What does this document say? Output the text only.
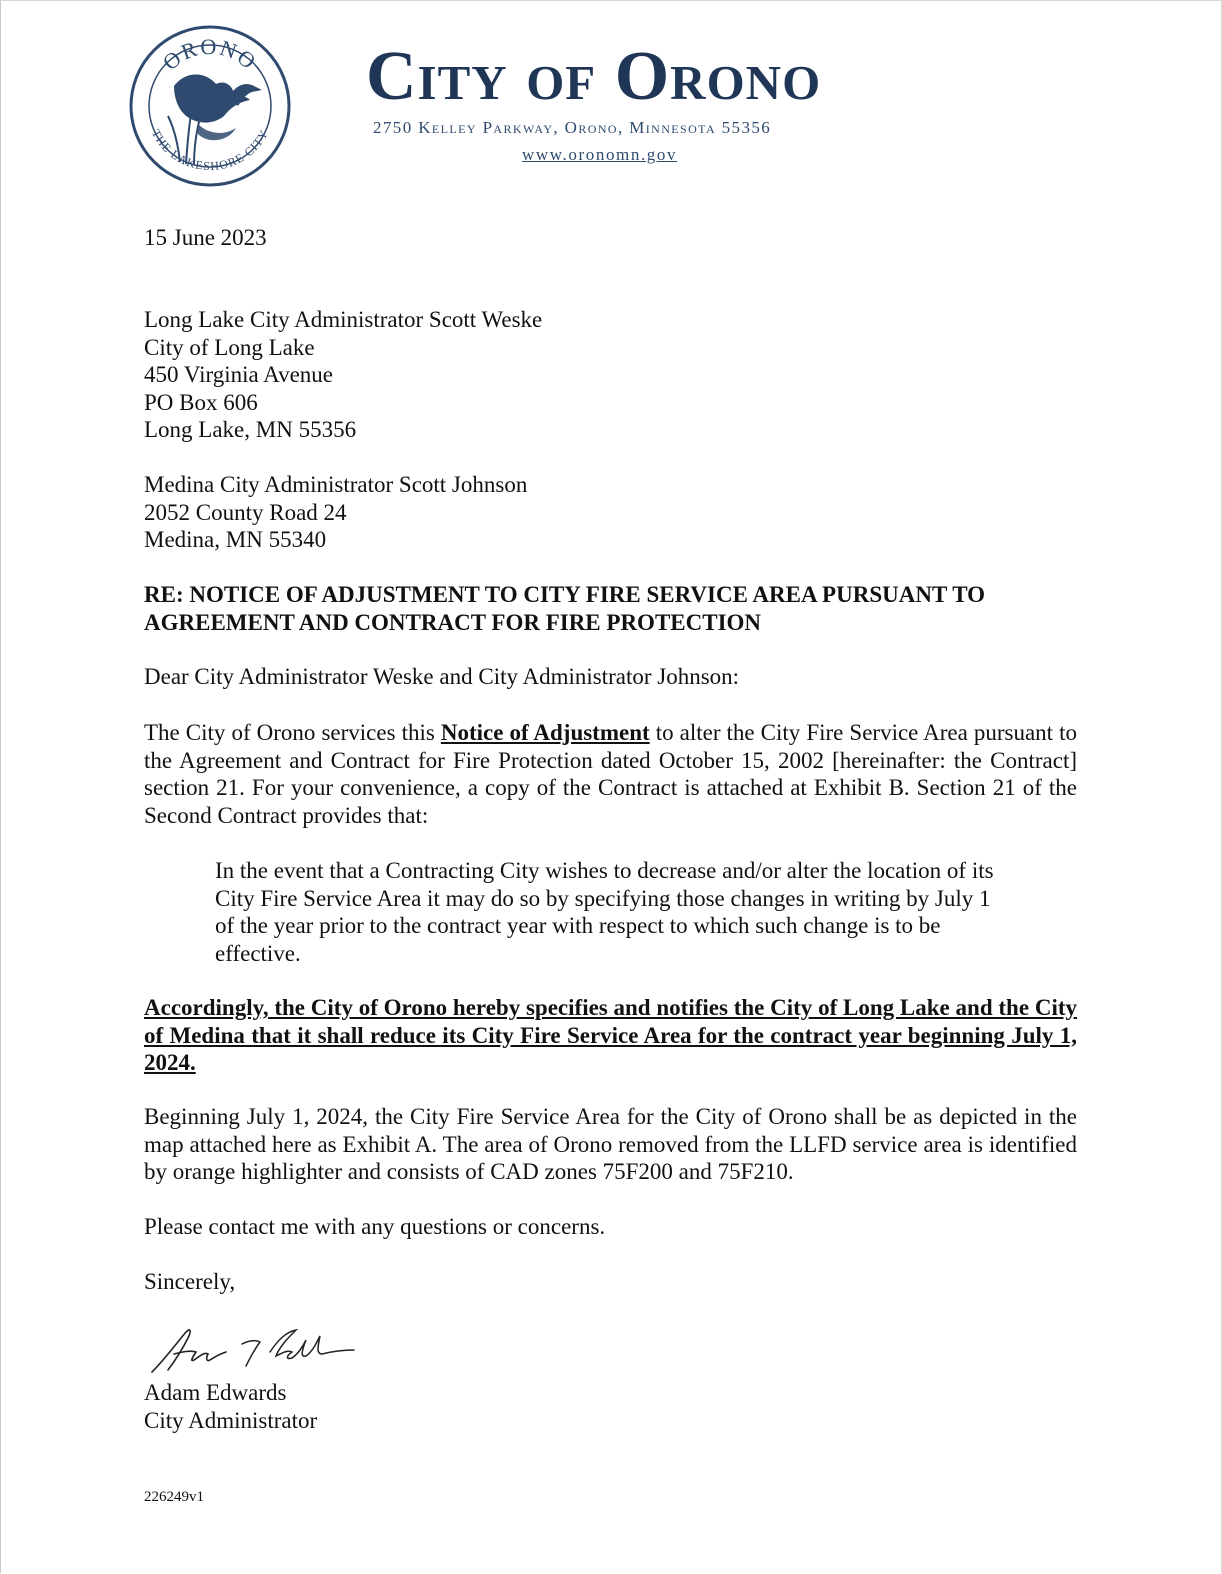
ORONO
THE LAKESHORE CITY
City of Orono
2750 Kelley Parkway, Orono, Minnesota 55356
www.oronomn.gov
15 June 2023
Long Lake City Administrator Scott Weske
City of Long Lake
450 Virginia Avenue
PO Box 606
Long Lake, MN 55356
Medina City Administrator Scott Johnson
2052 County Road 24
Medina, MN 55340
RE: NOTICE OF ADJUSTMENT TO CITY FIRE SERVICE AREA PURSUANT TO
AGREEMENT AND CONTRACT FOR FIRE PROTECTION
Dear City Administrator Weske and City Administrator Johnson:
The City of Orono services this Notice of Adjustment to alter the City Fire Service Area pursuant to the Agreement and Contract for Fire Protection dated October 15, 2002 [hereinafter: the Contract] section 21. For your convenience, a copy of the Contract is attached at Exhibit B. Section 21 of the Second Contract provides that:
In the event that a Contracting City wishes to decrease and/or alter the location of its City Fire Service Area it may do so by specifying those changes in writing by July 1 of the year prior to the contract year with respect to which such change is to be effective.
Accordingly, the City of Orono hereby specifies and notifies the City of Long Lake and the City of Medina that it shall reduce its City Fire Service Area for the contract year beginning July 1, 2024.
Beginning July 1, 2024, the City Fire Service Area for the City of Orono shall be as depicted in the map attached here as Exhibit A. The area of Orono removed from the LLFD service area is identified by orange highlighter and consists of CAD zones 75F200 and 75F210.
Please contact me with any questions or concerns.
Sincerely,
Adam Edwards
City Administrator
226249v1
